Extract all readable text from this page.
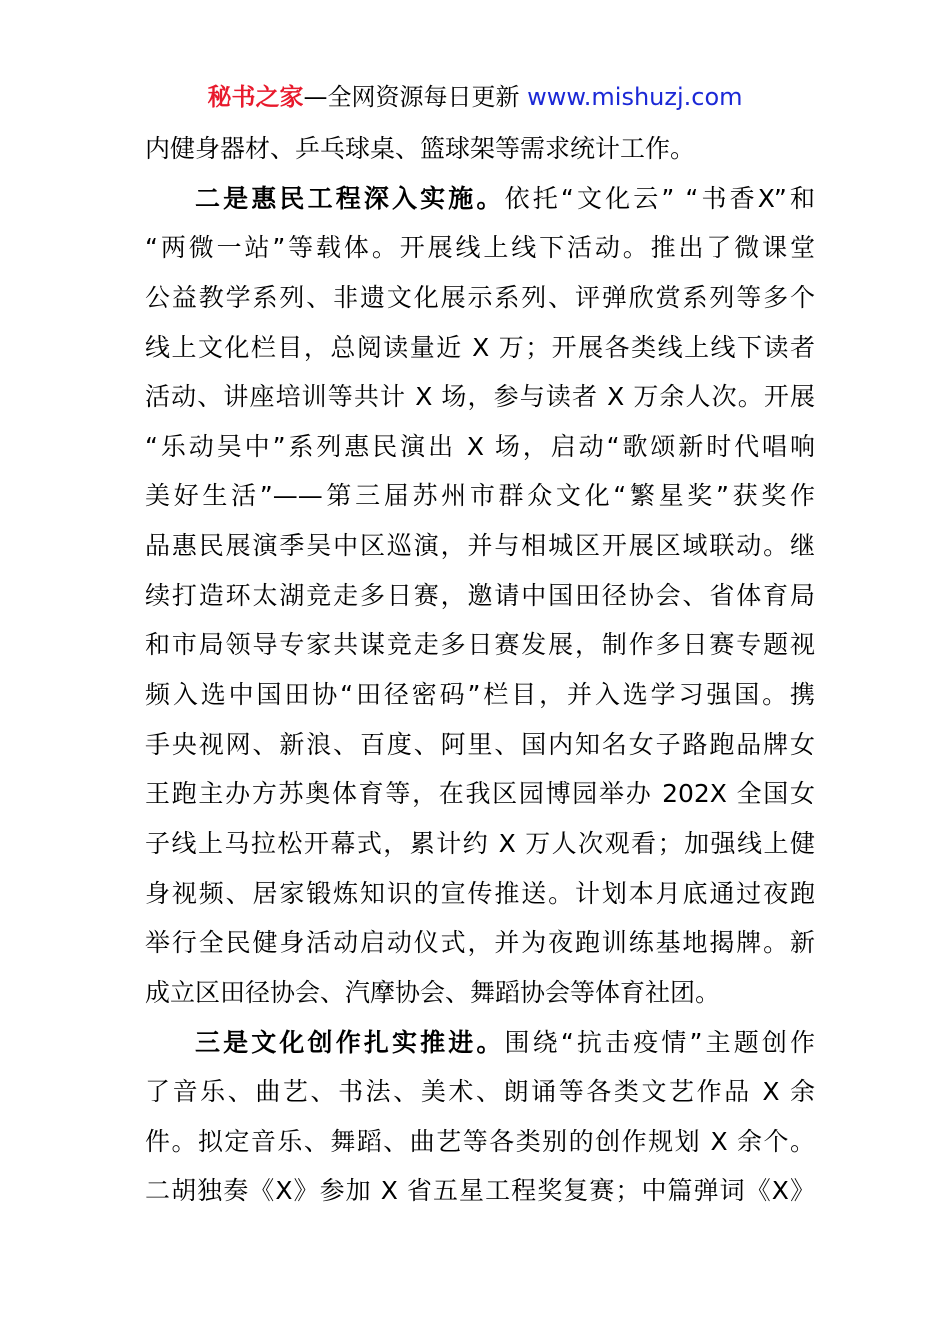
秘书之家—全网资源每日更新 www.mishuzj.com
内健身器材、乒乓球桌、篮球架等需求统计工作。
二是惠民工程深入实施。依托“文化云” “书香X”和
“两微一站”等载体。开展线上线下活动。推出了微课堂
公益教学系列、非遗文化展示系列、评弹欣赏系列等多个
线上文化栏目，总阅读量近 X 万；开展各类线上线下读者
活动、讲座培训等共计 X 场，参与读者 X 万余人次。开展
“乐动吴中”系列惠民演出 X 场，启动“歌颂新时代唱响
美好生活”——第三届苏州市群众文化“繁星奖”获奖作
品惠民展演季吴中区巡演，并与相城区开展区域联动。继
续打造环太湖竞走多日赛，邀请中国田径协会、省体育局
和市局领导专家共谋竞走多日赛发展，制作多日赛专题视
频入选中国田协“田径密码”栏目，并入选学习强国。携
手央视网、新浪、百度、阿里、国内知名女子路跑品牌女
王跑主办方苏奥体育等，在我区园博园举办 202X 全国女
子线上马拉松开幕式，累计约 X 万人次观看；加强线上健
身视频、居家锻炼知识的宣传推送。计划本月底通过夜跑
举行全民健身活动启动仪式，并为夜跑训练基地揭牌。新
成立区田径协会、汽摩协会、舞蹈协会等体育社团。
三是文化创作扎实推进。围绕“抗击疫情”主题创作
了音乐、曲艺、书法、美术、朗诵等各类文艺作品 X 余
件。拟定音乐、舞蹈、曲艺等各类别的创作规划 X 余个。
二胡独奏《X》参加 X 省五星工程奖复赛；中篇弹词《X》
